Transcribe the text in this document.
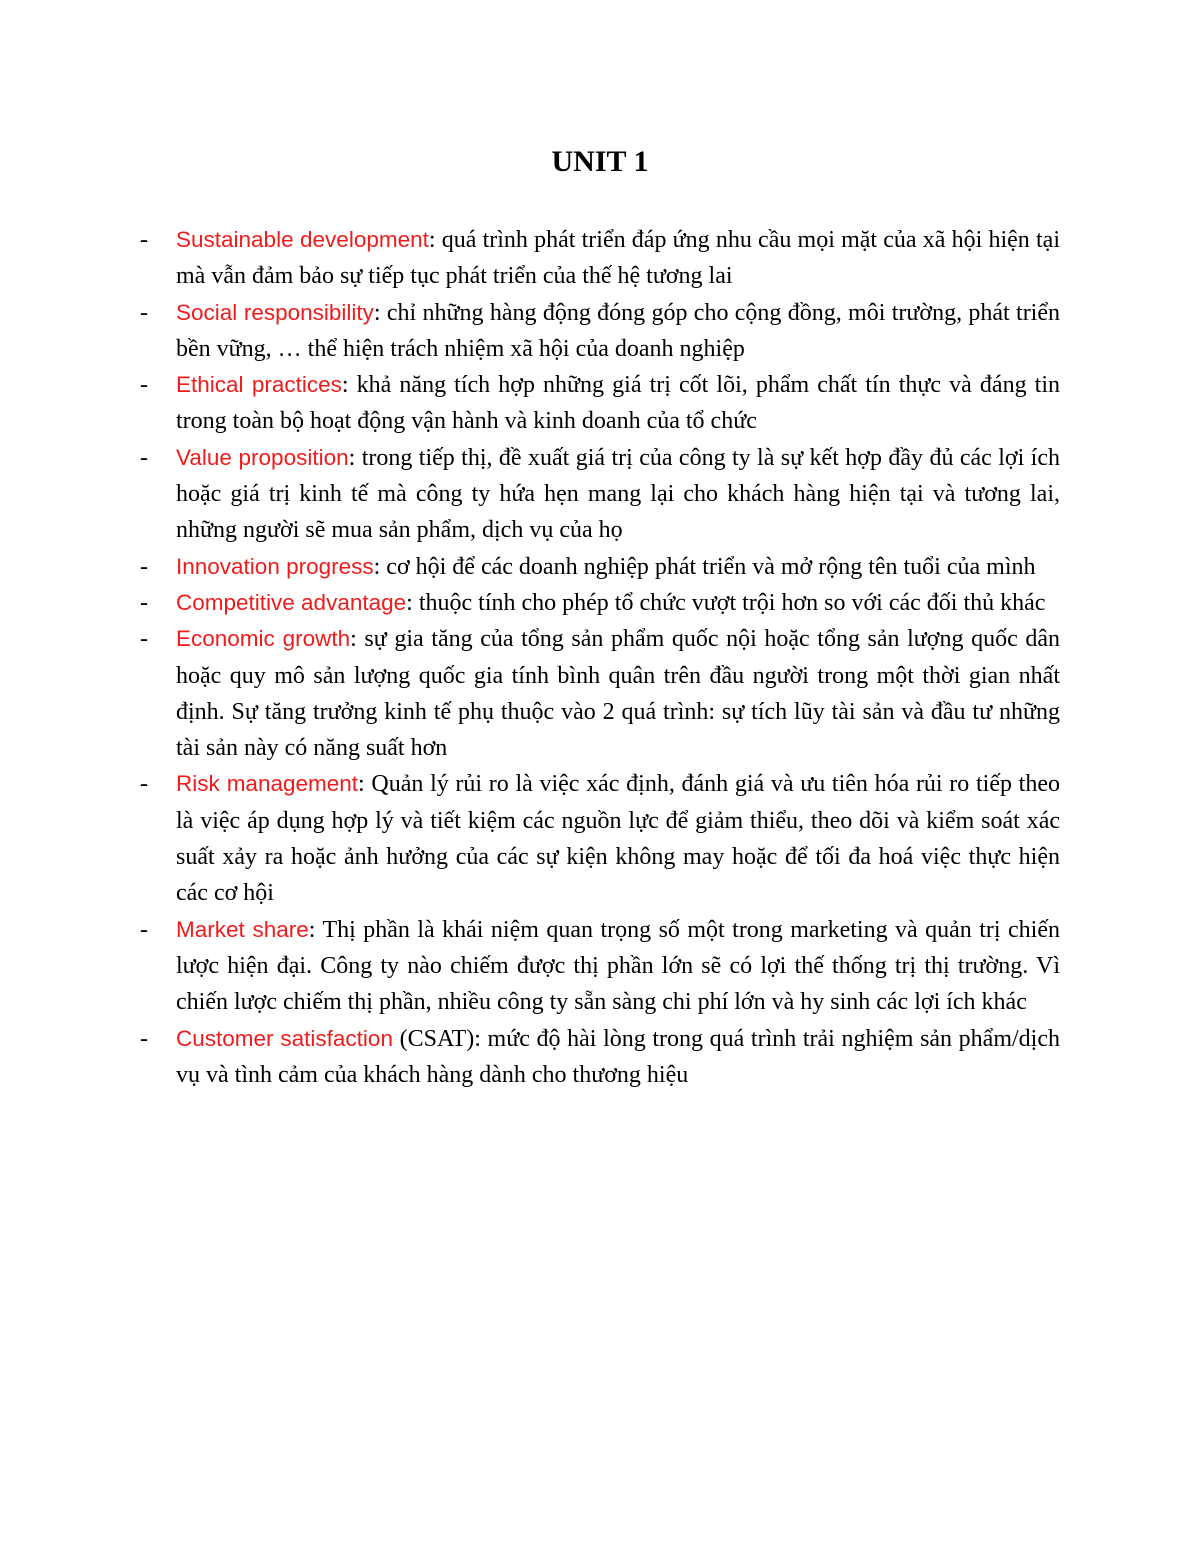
UNIT 1
- Sustainable development: quá trình phát triển đáp ứng nhu cầu mọi mặt của xã hội hiện tại mà vẫn đảm bảo sự tiếp tục phát triển của thế hệ tương lai
- Social responsibility: chỉ những hàng động đóng góp cho cộng đồng, môi trường, phát triển bền vững, … thể hiện trách nhiệm xã hội của doanh nghiệp
- Ethical practices: khả năng tích hợp những giá trị cốt lõi, phẩm chất tín thực và đáng tin trong toàn bộ hoạt động vận hành và kinh doanh của tổ chức
- Value proposition: trong tiếp thị, đề xuất giá trị của công ty là sự kết hợp đầy đủ các lợi ích hoặc giá trị kinh tế mà công ty hứa hẹn mang lại cho khách hàng hiện tại và tương lai, những người sẽ mua sản phẩm, dịch vụ của họ
- Innovation progress: cơ hội để các doanh nghiệp phát triển và mở rộng tên tuổi của mình
- Competitive advantage: thuộc tính cho phép tổ chức vượt trội hơn so với các đối thủ khác
- Economic growth: sự gia tăng của tổng sản phẩm quốc nội hoặc tổng sản lượng quốc dân hoặc quy mô sản lượng quốc gia tính bình quân trên đầu người trong một thời gian nhất định. Sự tăng trưởng kinh tế phụ thuộc vào 2 quá trình: sự tích lũy tài sản và đầu tư những tài sản này có năng suất hơn
- Risk management: Quản lý rủi ro là việc xác định, đánh giá và ưu tiên hóa rủi ro tiếp theo là việc áp dụng hợp lý và tiết kiệm các nguồn lực để giảm thiểu, theo dõi và kiểm soát xác suất xảy ra hoặc ảnh hưởng của các sự kiện không may hoặc để tối đa hoá việc thực hiện các cơ hội
- Market share: Thị phần là khái niệm quan trọng số một trong marketing và quản trị chiến lược hiện đại. Công ty nào chiếm được thị phần lớn sẽ có lợi thế thống trị thị trường. Vì chiến lược chiếm thị phần, nhiều công ty sẵn sàng chi phí lớn và hy sinh các lợi ích khác
- Customer satisfaction (CSAT): mức độ hài lòng trong quá trình trải nghiệm sản phẩm/dịch vụ và tình cảm của khách hàng dành cho thương hiệu
